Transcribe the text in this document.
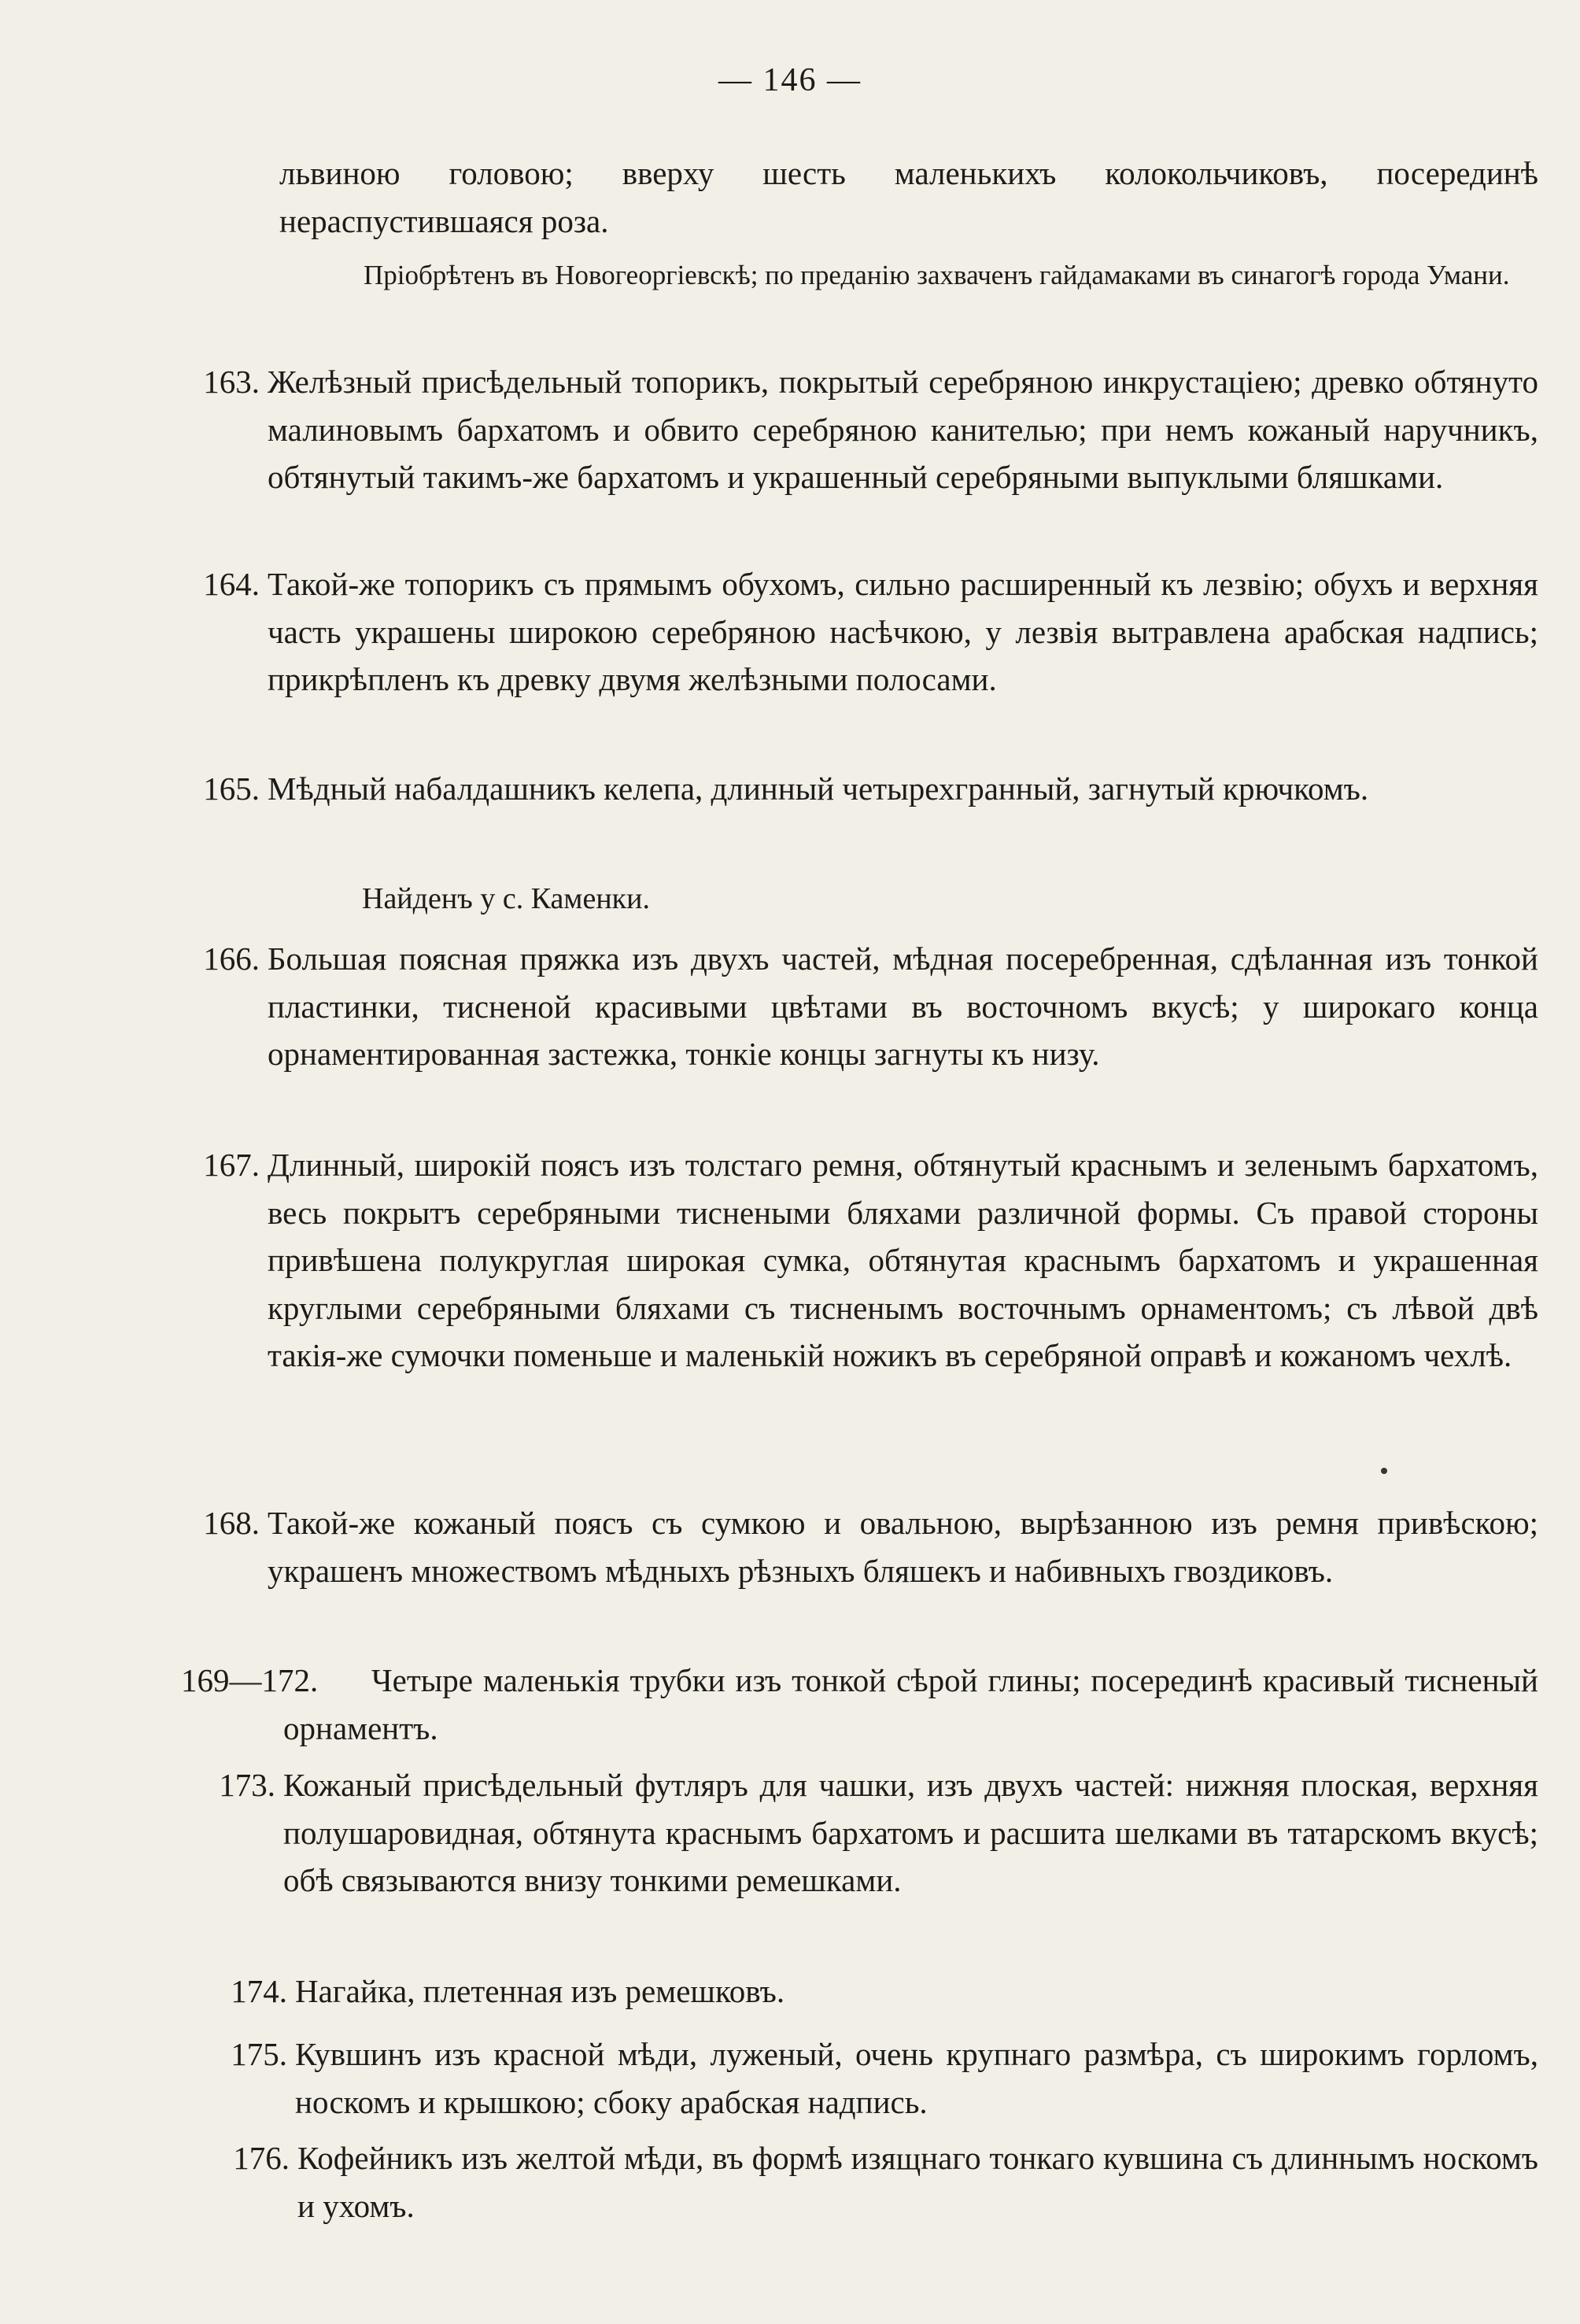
— 146 —
львиною головою; вверху шесть маленькихъ колокольчиковъ, посерединѣ нераспустившаяся роза.
Пріобрѣтенъ въ Новогеоргіевскѣ; по преданію захваченъ гайдамаками въ синагогѣ города Умани.
163. Желѣзный присѣдельный топорикъ, покрытый серебряною инкрустаціею; древко обтянуто малиновымъ бархатомъ и обвито серебряною канителью; при немъ кожаный наручникъ, обтянутый такимъ-же бархатомъ и украшенный серебряными выпуклыми бляшками.
164. Такой-же топорикъ съ прямымъ обухомъ, сильно расширенный къ лезвію; обухъ и верхняя часть украшены широкою серебряною насѣчкою, у лезвія вытравлена арабская надпись; прикрѣпленъ къ древку двумя желѣзными полосами.
165. Мѣдный набалдашникъ келепа, длинный четырехгранный, загнутый крючкомъ.
Найденъ у с. Каменки.
166. Большая поясная пряжка изъ двухъ частей, мѣдная посеребренная, сдѣланная изъ тонкой пластинки, тисненой красивыми цвѣтами въ восточномъ вкусѣ; у широкаго конца орнаментированная застежка, тонкіе концы загнуты къ низу.
167. Длинный, широкій поясъ изъ толстаго ремня, обтянутый краснымъ и зеленымъ бархатомъ, весь покрытъ серебряными тиснеными бляхами различной формы. Съ правой стороны привѣшена полукруглая широкая сумка, обтянутая краснымъ бархатомъ и украшенная круглыми серебряными бляхами съ тисненымъ восточнымъ орнаментомъ; съ лѣвой двѣ такія-же сумочки поменьше и маленькій ножикъ въ серебряной оправѣ и кожаномъ чехлѣ.
168. Такой-же кожаный поясъ съ сумкою и овальною, вырѣзанною изъ ремня привѣскою; украшенъ множествомъ мѣдныхъ рѣзныхъ бляшекъ и набивныхъ гвоздиковъ.
169—172.	Четыре маленькія трубки изъ тонкой сѣрой глины; посерединѣ красивый тисненый орнаментъ.
173. Кожаный присѣдельный футляръ для чашки, изъ двухъ частей: нижняя плоская, верхняя полушаровидная, обтянута краснымъ бархатомъ и расшита шелками въ татарскомъ вкусѣ; обѣ связываются внизу тонкими ремешками.
174. Нагайка, плетенная изъ ремешковъ.
175. Кувшинъ изъ красной мѣди, луженый, очень крупнаго размѣра, съ широкимъ горломъ, носкомъ и крышкою; сбоку арабская надпись.
176. Кофейникъ изъ желтой мѣди, въ формѣ изящнаго тонкаго кувшина съ длиннымъ носкомъ и ухомъ.
